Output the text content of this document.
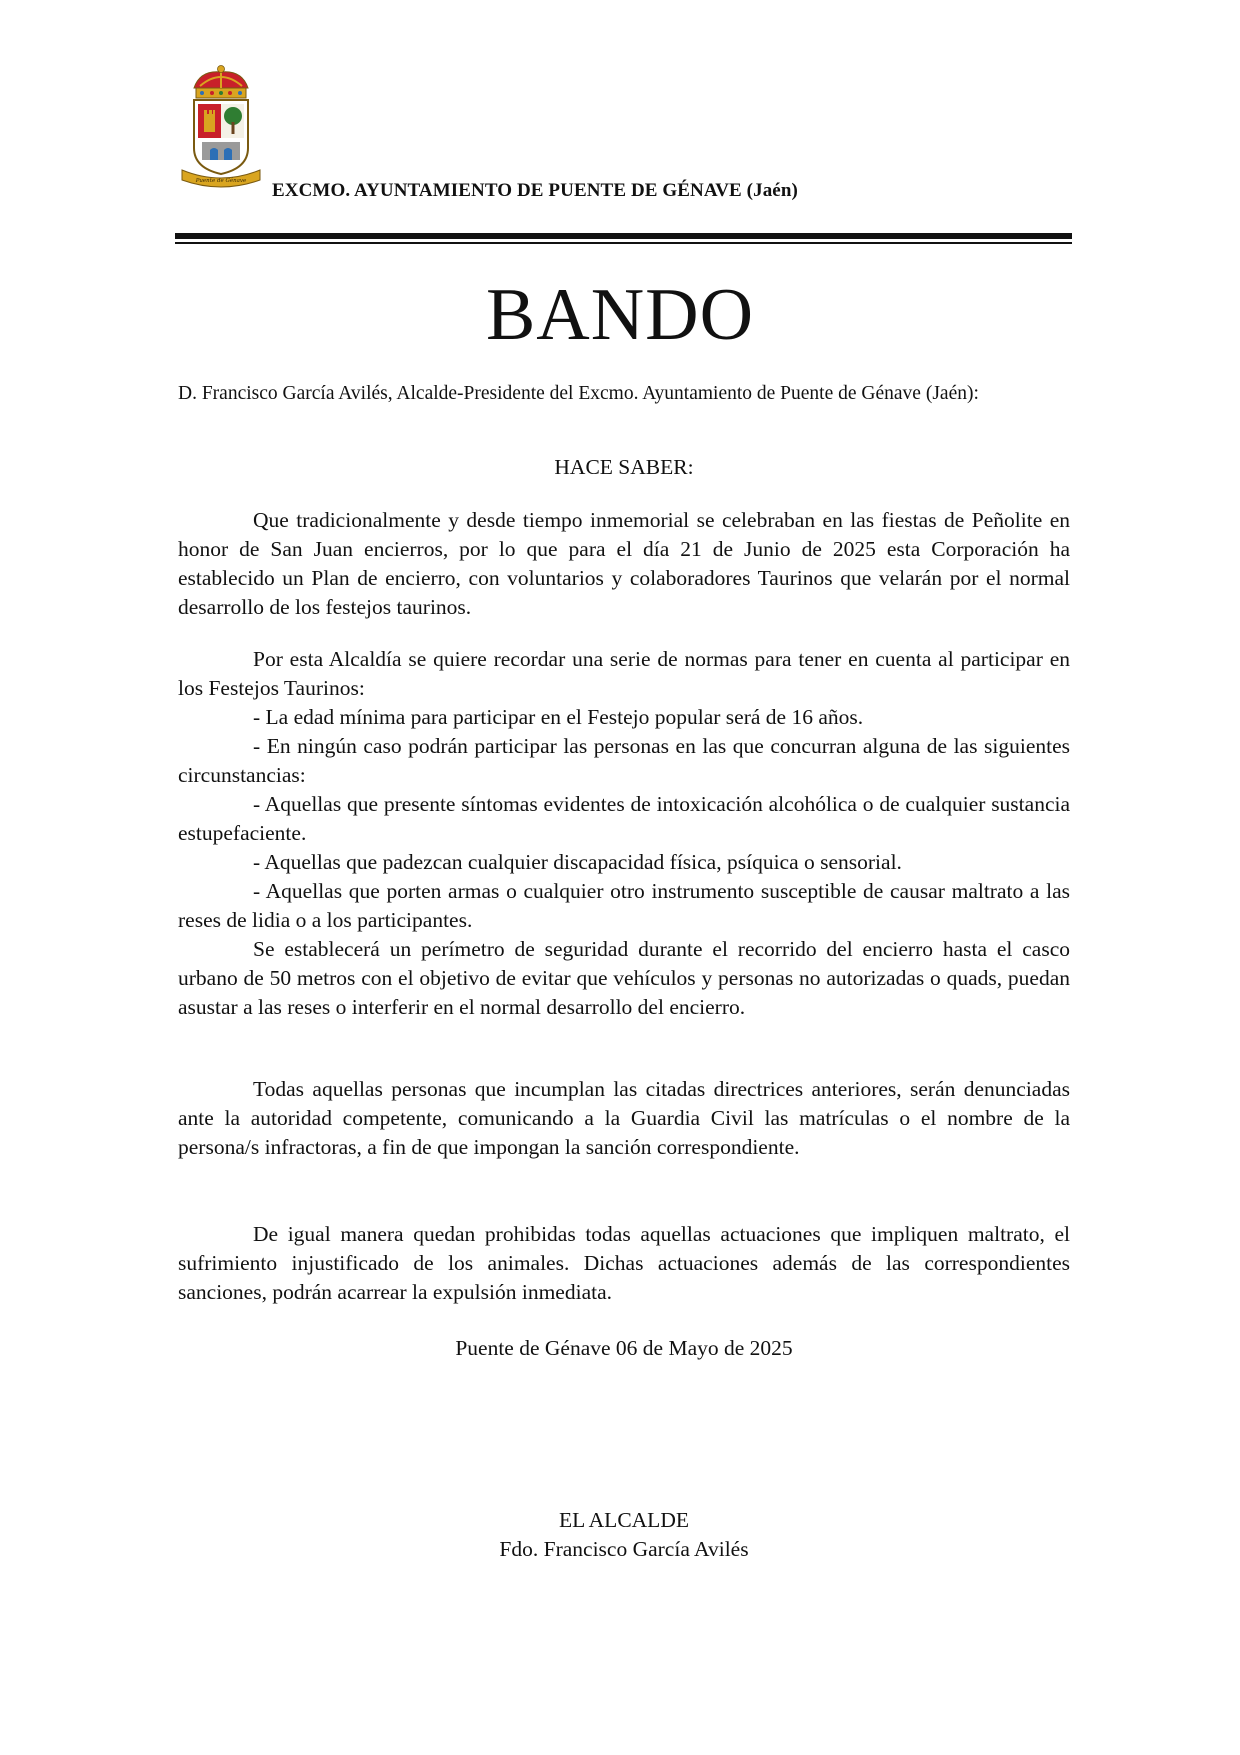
Puente de Génave EXCMO. AYUNTAMIENTO DE PUENTE DE GÉNAVE (Jaén)
BANDO
D. Francisco García Avilés, Alcalde-Presidente del Excmo. Ayuntamiento de Puente de Génave (Jaén):
HACE SABER:

Que tradicionalmente y desde tiempo inmemorial se celebraban en las fiestas de Peñolite en honor de San Juan encierros, por lo que para el día 21 de Junio de 2025 esta Corporación ha establecido un Plan de encierro, con voluntarios y colaboradores Taurinos que velarán por el normal desarrollo de los festejos taurinos.

Por esta Alcaldía se quiere recordar una serie de normas para tener en cuenta al participar en los Festejos Taurinos:

- La edad mínima para participar en el Festejo popular será de 16 años.

- En ningún caso podrán participar las personas en las que concurran alguna de las siguientes circunstancias:

- Aquellas que presente síntomas evidentes de intoxicación alcohólica o de cualquier sustancia estupefaciente.

- Aquellas que padezcan cualquier discapacidad física, psíquica o sensorial.

- Aquellas que porten armas o cualquier otro instrumento susceptible de causar maltrato a las reses de lidia o a los participantes.

Se establecerá un perímetro de seguridad durante el recorrido del encierro hasta el casco urbano de 50 metros con el objetivo de evitar que vehículos y personas no autorizadas o quads, puedan asustar a las reses o interferir en el normal desarrollo del encierro.

Todas aquellas personas que incumplan las citadas directrices anteriores, serán denunciadas ante la autoridad competente, comunicando a la Guardia Civil las matrículas o el nombre de la persona/s infractoras, a fin de que impongan la sanción correspondiente.

De igual manera quedan prohibidas todas aquellas actuaciones que impliquen maltrato, el sufrimiento injustificado de los animales. Dichas actuaciones además de las correspondientes sanciones, podrán acarrear la expulsión inmediata.

Puente de Génave 06 de Mayo de 2025

EL ALCALDE

Fdo. Francisco García Avilés
